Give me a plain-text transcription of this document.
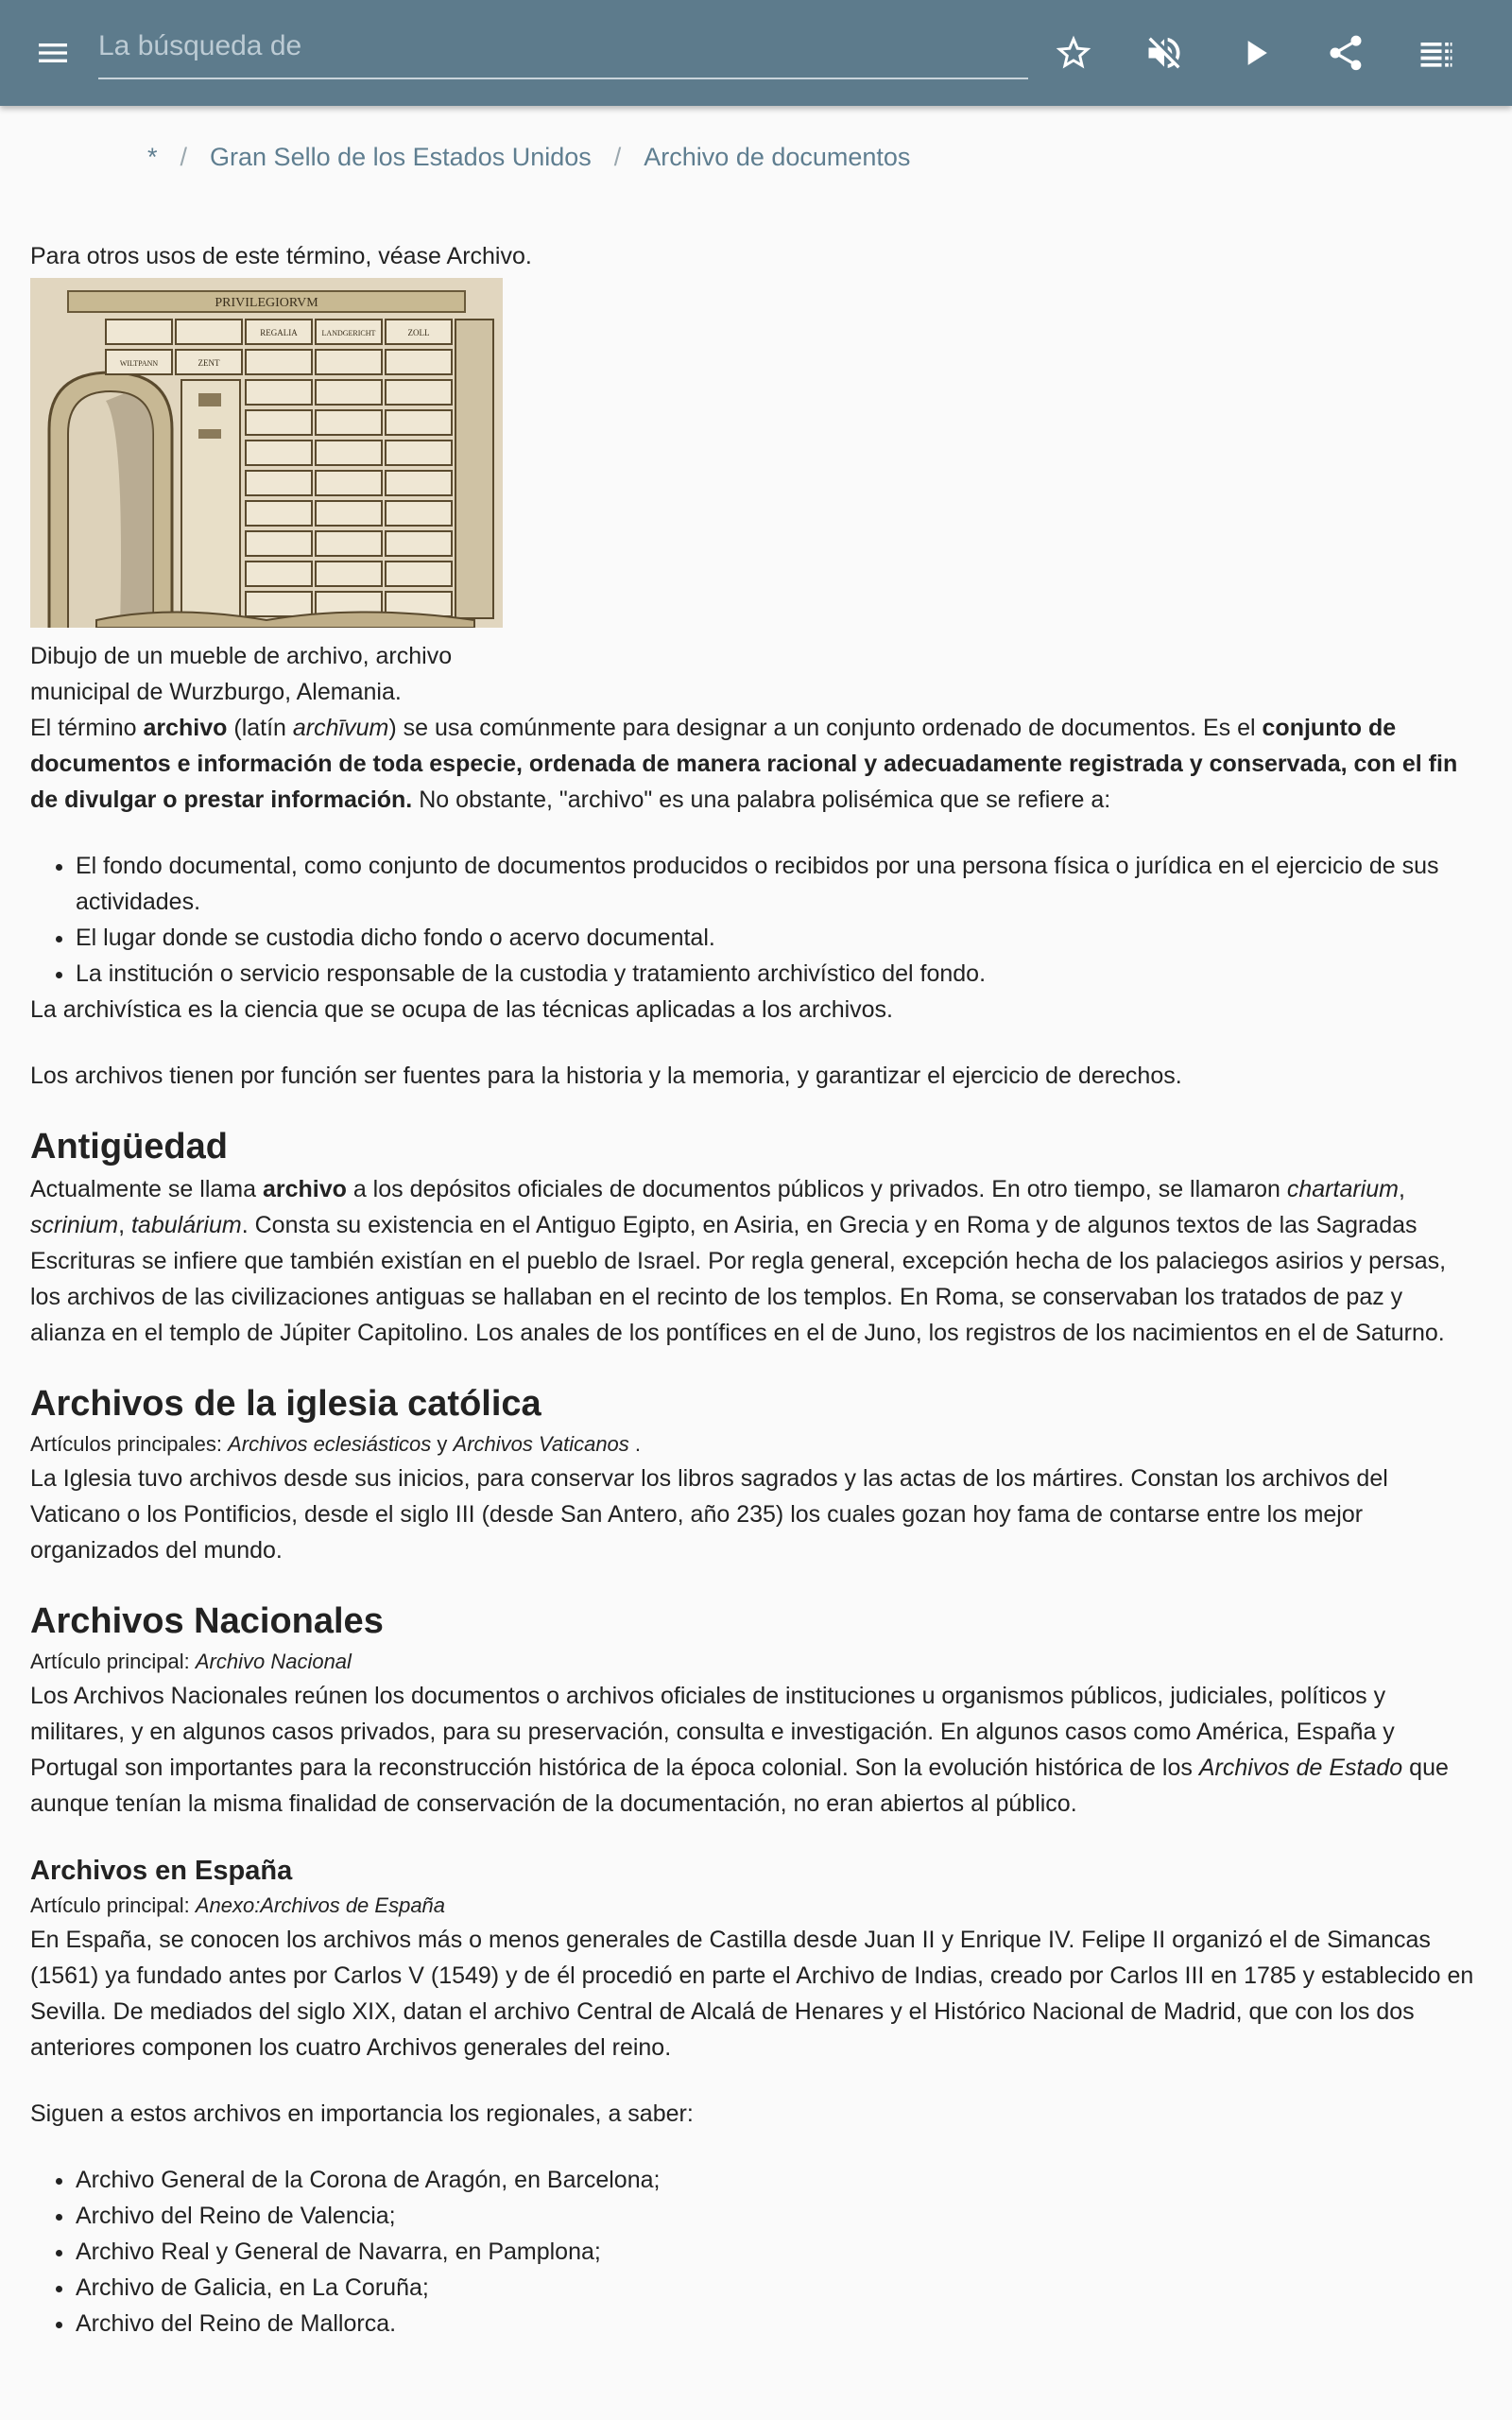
La búsqueda de
* / Gran Sello de los Estados Unidos / Archivo de documentos

Para otros usos de este término, véase Archivo.

PRIVILEGIORVM
REGALIA	LANDGERICHT	ZOLL
WILTPANN	ZENT

Dibujo de un mueble de archivo, archivo municipal de Wurzburgo, Alemania.

El término archivo (latín archīvum) se usa comúnmente para designar a un conjunto ordenado de documentos. Es el conjunto de documentos e información de toda especie, ordenada de manera racional y adecuadamente registrada y conservada, con el fin de divulgar o prestar información. No obstante, "archivo" es una palabra polisémica que se refiere a:

• El fondo documental, como conjunto de documentos producidos o recibidos por una persona física o jurídica en el ejercicio de sus actividades.
• El lugar donde se custodia dicho fondo o acervo documental.
• La institución o servicio responsable de la custodia y tratamiento archivístico del fondo.

La archivística es la ciencia que se ocupa de las técnicas aplicadas a los archivos.

Los archivos tienen por función ser fuentes para la historia y la memoria, y garantizar el ejercicio de derechos.

Antigüedad

Actualmente se llama archivo a los depósitos oficiales de documentos públicos y privados. En otro tiempo, se llamaron chartarium, scrinium, tabulárium. Consta su existencia en el Antiguo Egipto, en Asiria, en Grecia y en Roma y de algunos textos de las Sagradas Escrituras se infiere que también existían en el pueblo de Israel. Por regla general, excepción hecha de los palaciegos asirios y persas, los archivos de las civilizaciones antiguas se hallaban en el recinto de los templos. En Roma, se conservaban los tratados de paz y alianza en el templo de Júpiter Capitolino. Los anales de los pontífices en el de Juno, los registros de los nacimientos en el de Saturno.

Archivos de la iglesia católica

Artículos principales: Archivos eclesiásticos y Archivos Vaticanos .

La Iglesia tuvo archivos desde sus inicios, para conservar los libros sagrados y las actas de los mártires. Constan los archivos del Vaticano o los Pontificios, desde el siglo III (desde San Antero, año 235) los cuales gozan hoy fama de contarse entre los mejor organizados del mundo.

Archivos Nacionales

Artículo principal: Archivo Nacional

Los Archivos Nacionales reúnen los documentos o archivos oficiales de instituciones u organismos públicos, judiciales, políticos y militares, y en algunos casos privados, para su preservación, consulta e investigación. En algunos casos como América, España y Portugal son importantes para la reconstrucción histórica de la época colonial. Son la evolución histórica de los Archivos de Estado que aunque tenían la misma finalidad de conservación de la documentación, no eran abiertos al público.

Archivos en España

Artículo principal: Anexo:Archivos de España

En España, se conocen los archivos más o menos generales de Castilla desde Juan II y Enrique IV. Felipe II organizó el de Simancas (1561) ya fundado antes por Carlos V (1549) y de él procedió en parte el Archivo de Indias, creado por Carlos III en 1785 y establecido en Sevilla. De mediados del siglo XIX, datan el archivo Central de Alcalá de Henares y el Histórico Nacional de Madrid, que con los dos anteriores componen los cuatro Archivos generales del reino.

Siguen a estos archivos en importancia los regionales, a saber:

• Archivo General de la Corona de Aragón, en Barcelona;
• Archivo del Reino de Valencia;
• Archivo Real y General de Navarra, en Pamplona;
• Archivo de Galicia, en La Coruña;
• Archivo del Reino de Mallorca.
